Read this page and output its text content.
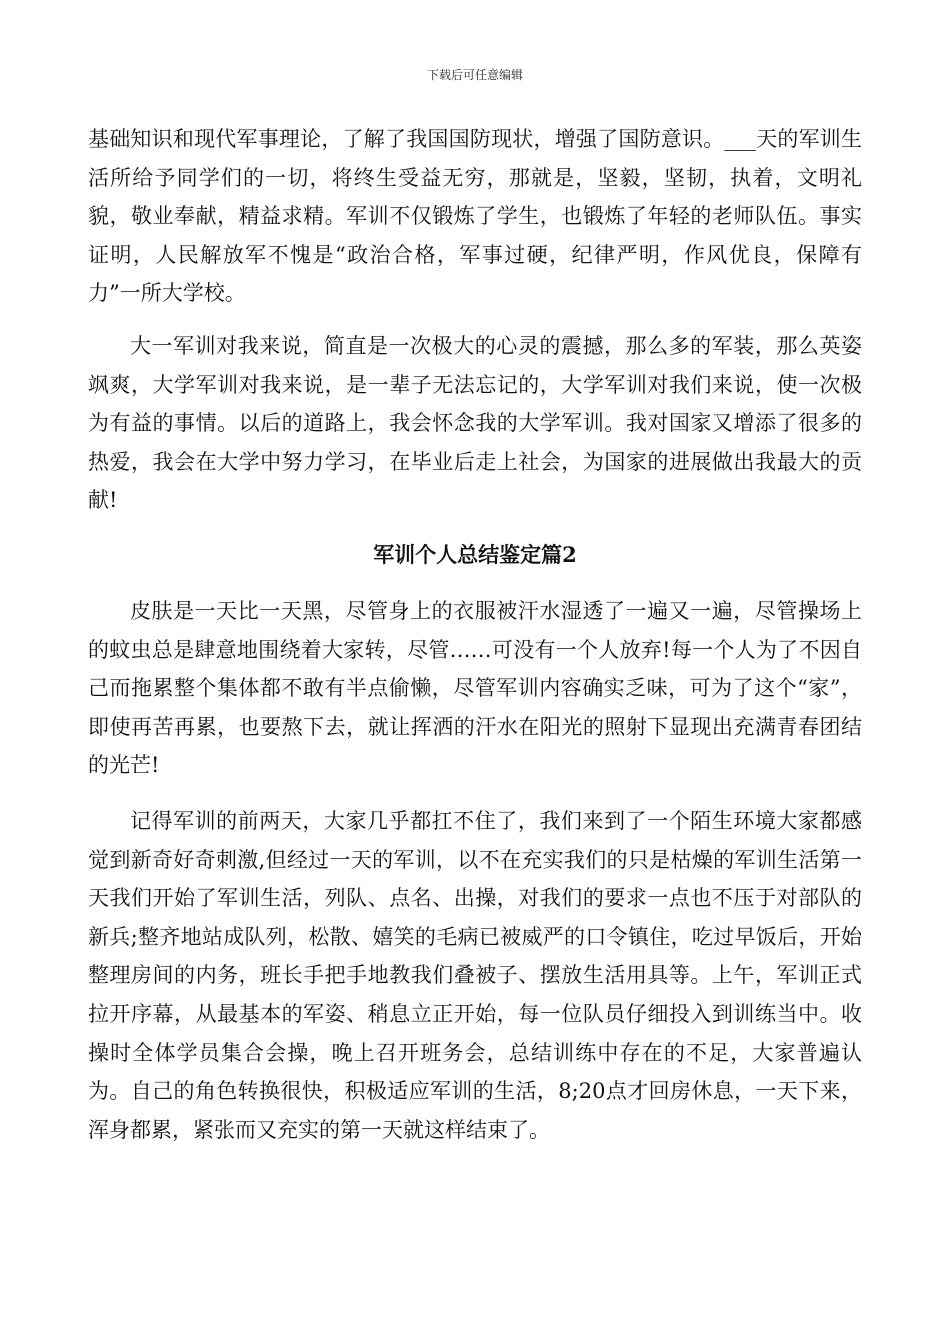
下载后可任意编辑

基础知识和现代军事理论，了解了我国国防现状，增强了国防意识。___天的军训生活所给予同学们的一切，将终生受益无穷，那就是，坚毅，坚韧，执着，文明礼貌，敬业奉献，精益求精。军训不仅锻炼了学生，也锻炼了年轻的老师队伍。事实证明，人民解放军不愧是“政治合格，军事过硬，纪律严明，作风优良，保障有力”一所大学校。

大一军训对我来说，简直是一次极大的心灵的震撼，那么多的军装，那么英姿飒爽，大学军训对我来说，是一辈子无法忘记的，大学军训对我们来说，使一次极为有益的事情。以后的道路上，我会怀念我的大学军训。我对国家又增添了很多的热爱，我会在大学中努力学习，在毕业后走上社会，为国家的进展做出我最大的贡献!

军训个人总结鉴定篇2

皮肤是一天比一天黑，尽管身上的衣服被汗水湿透了一遍又一遍，尽管操场上的蚊虫总是肆意地围绕着大家转，尽管……可没有一个人放弃!每一个人为了不因自己而拖累整个集体都不敢有半点偷懒，尽管军训内容确实乏味，可为了这个“家”，即使再苦再累，也要熬下去，就让挥洒的汗水在阳光的照射下显现出充满青春团结的光芒!

记得军训的前两天，大家几乎都扛不住了，我们来到了一个陌生环境大家都感觉到新奇好奇刺激,但经过一天的军训，以不在充实我们的只是枯燥的军训生活第一天我们开始了军训生活，列队、点名、出操，对我们的要求一点也不压于对部队的新兵;整齐地站成队列，松散、嬉笑的毛病已被威严的口令镇住，吃过早饭后，开始整理房间的内务，班长手把手地教我们叠被子、摆放生活用具等。上午，军训正式拉开序幕，从最基本的军姿、稍息立正开始，每一位队员仔细投入到训练当中。收操时全体学员集合会操，晚上召开班务会，总结训练中存在的不足，大家普遍认为。自己的角色转换很快，积极适应军训的生活，8;20点才回房休息，一天下来，浑身都累，紧张而又充实的第一天就这样结束了。
